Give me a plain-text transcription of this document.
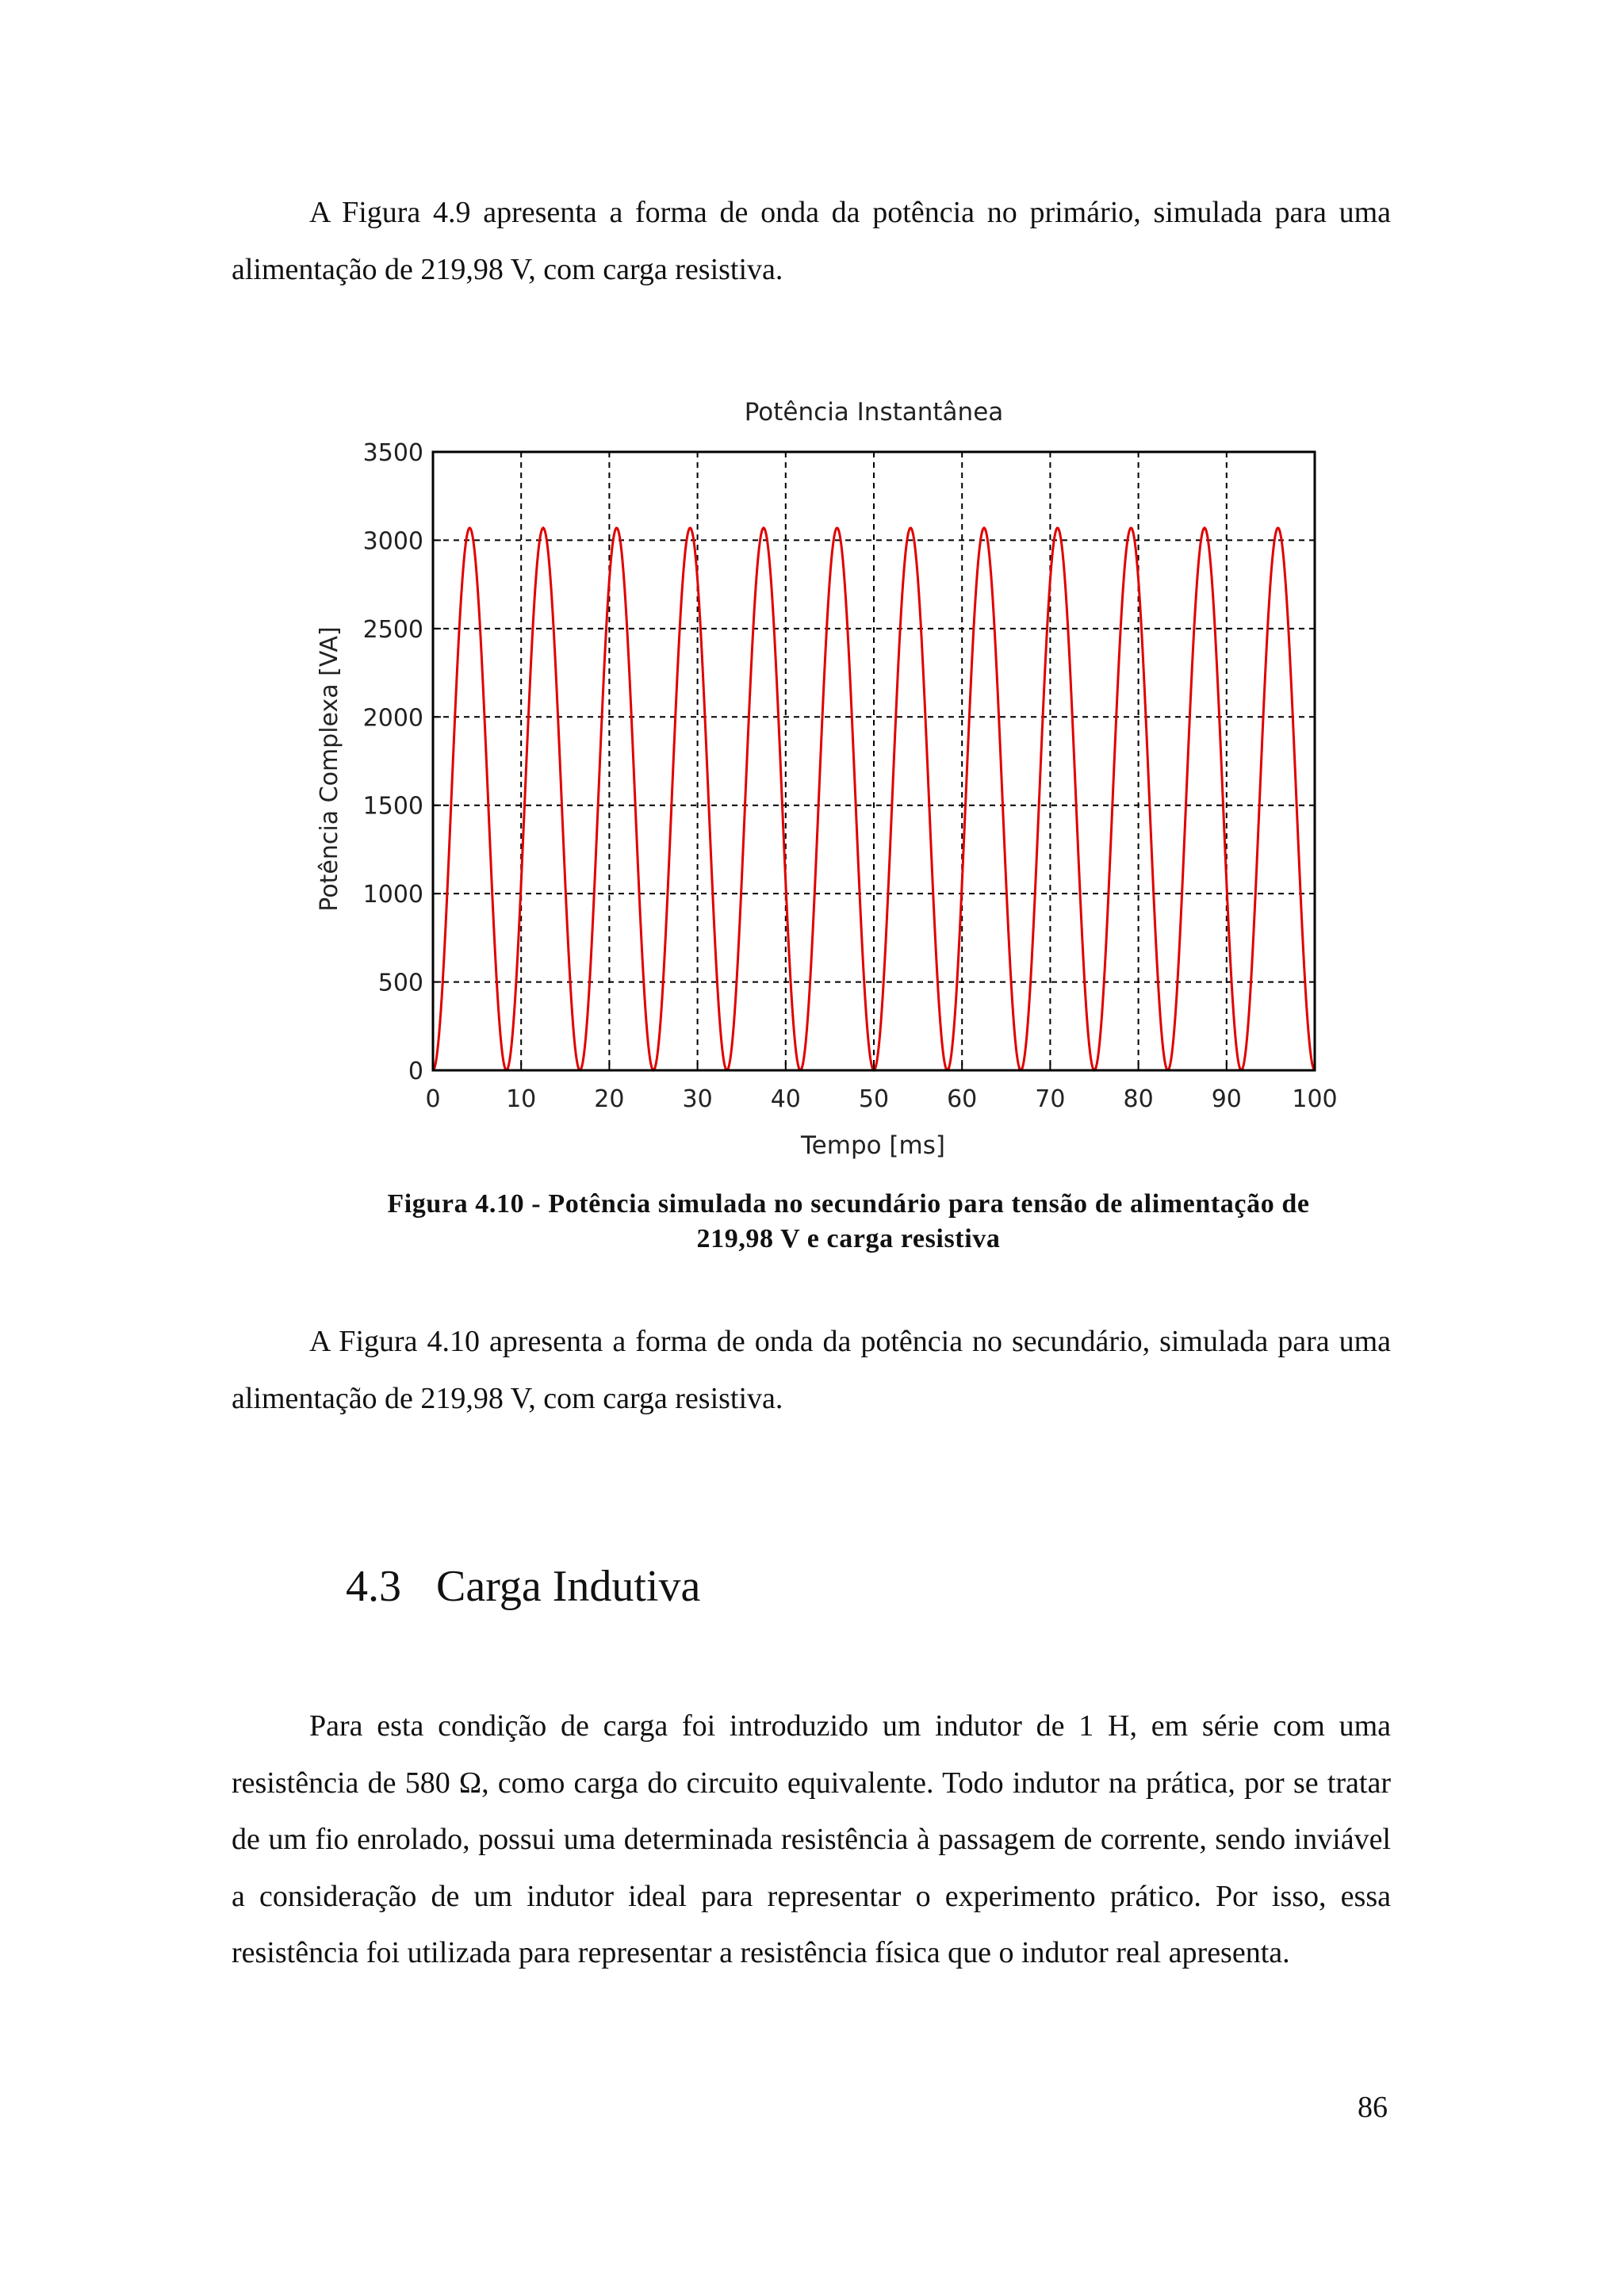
A Figura 4.9 apresenta a forma de onda da potência no primário, simulada para uma alimentação de 219,98 V, com carga resistiva.

Potência Instantânea
Potência Complexa [VA]
Tempo [ms]
0	10 20 30 40 50 60 70 80 90 100
0
500
1000
1500
2000
2500
3000
3500
Figura 4.10 - Potência simulada no secundário para tensão de alimentação de
219,98 V e carga resistiva

A Figura 4.10 apresenta a forma de onda da potência no secundário, simulada para uma alimentação de 219,98 V, com carga resistiva.

4.3 Carga Indutiva

Para esta condição de carga foi introduzido um indutor de 1 H, em série com uma resistência de 580 Ω, como carga do circuito equivalente. Todo indutor na prática, por se tratar de um fio enrolado, possui uma determinada resistência à passagem de corrente, sendo inviável a consideração de um indutor ideal para representar o experimento prático. Por isso, essa resistência foi utilizada para representar a resistência física que o indutor real apresenta.

86
